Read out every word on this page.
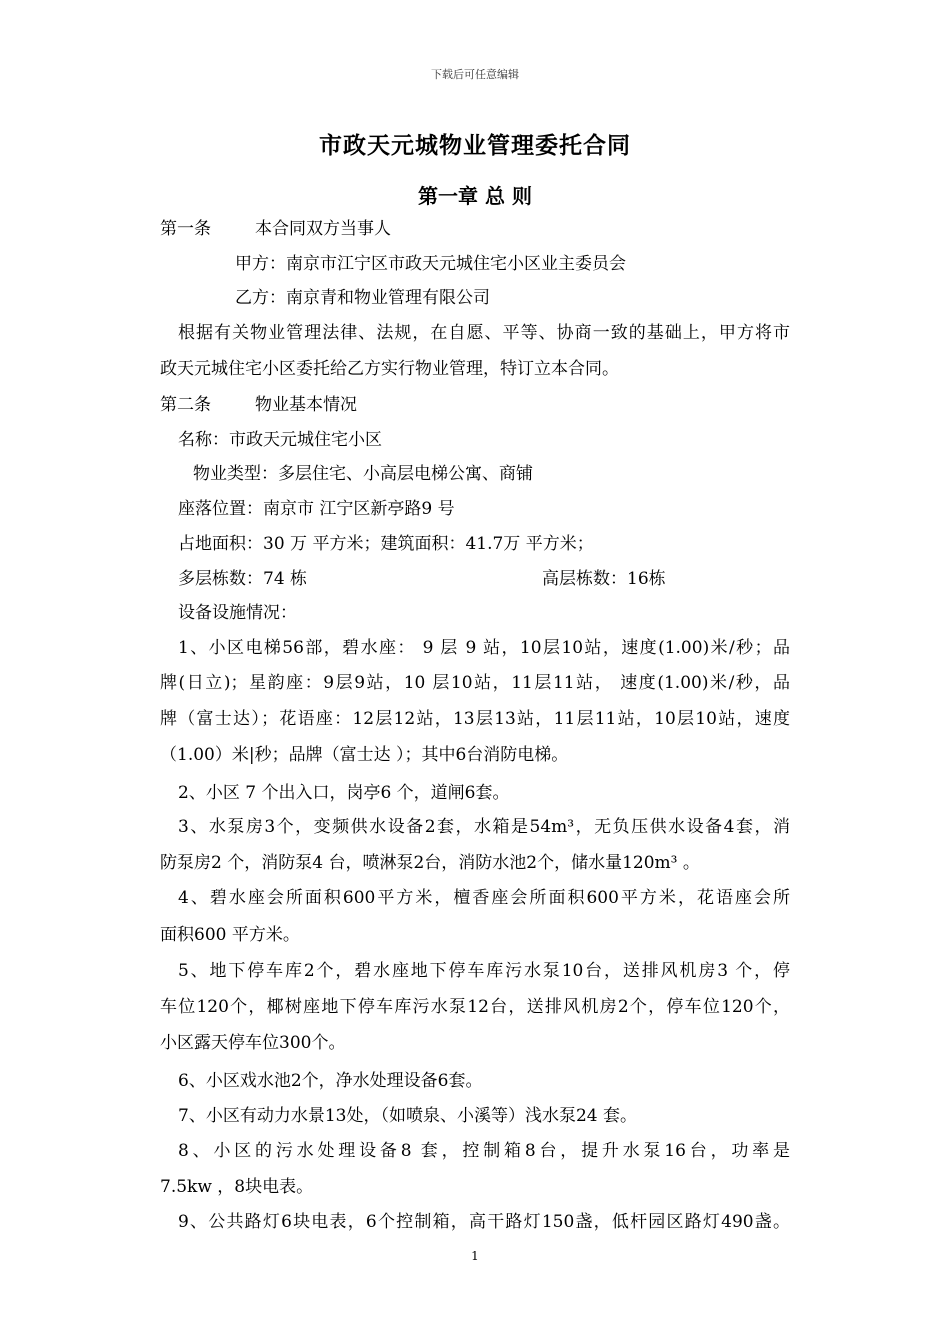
下载后可任意编辑
市政天元城物业管理委托合同
第一章 总 则
第一条	本合同双方当事人
甲方：南京市江宁区市政天元城住宅小区业主委员会
乙方：南京青和物业管理有限公司
根据有关物业管理法律、法规，在自愿、平等、协商一致的基础上，甲方将市
政天元城住宅小区委托给乙方实行物业管理，特订立本合同。
第二条	物业基本情况
名称：市政天元城住宅小区
物业类型：多层住宅、小高层电梯公寓、商铺
座落位置：南京市 江宁区新亭路9 号
占地面积：30 万 平方米；建筑面积：41.7万 平方米；
多层栋数：74 栋	高层栋数：16栋
设备设施情况：
1、小区电梯56部，碧水座： 9 层 9 站，10层10站，速度(1.00)米/秒；品
牌(日立)；星韵座：9层9站，10 层10站，11层11站， 速度(1.00)米/秒，品
牌（富士达）；花语座：12层12站，13层13站，11层11站，10层10站，速度
（1.00）米|秒；品牌（富士达 ）；其中6台消防电梯。
2、小区 7 个出入口，岗亭6 个，道闸6套。
3、水泵房3个，变频供水设备2套，水箱是54m³，无负压供水设备4套，消
防泵房2 个，消防泵4 台，喷淋泵2台，消防水池2个，储水量120m³ 。
4、碧水座会所面积600平方米，檀香座会所面积600平方米，花语座会所
面积600 平方米。
5、地下停车库2个，碧水座地下停车库污水泵10台，送排风机房3 个，停
车位120个，椰树座地下停车库污水泵12台，送排风机房2个，停车位120个，
小区露天停车位300个。
6、小区戏水池2个，净水处理设备6套。
7、小区有动力水景13处，（如喷泉、小溪等）浅水泵24 套。
8、小区的污水处理设备8 套，控制箱8台，提升水泵16台，功率是
7.5kw ，8块电表。
9、公共路灯6块电表，6个控制箱，高干路灯150盏，低杆园区路灯490盏。
1
